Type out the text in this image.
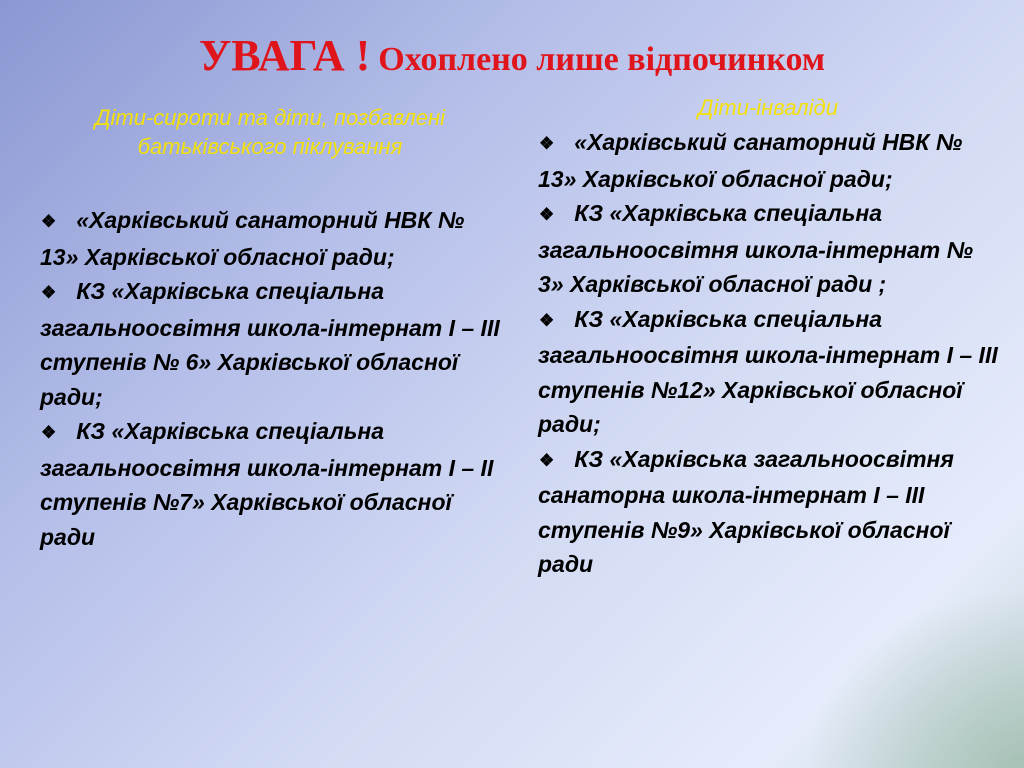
УВАГА ! Охоплено лише відпочинком

Діти-сироти та діти, позбавлені батьківського піклування

❖ «Харківський санаторний НВК № 13» Харківської обласної ради;
❖ КЗ «Харківська спеціальна загальноосвітня школа-інтернат І – ІІІ ступенів № 6» Харківської обласної ради;
❖ КЗ «Харківська спеціальна загальноосвітня школа-інтернат І – ІІ ступенів №7» Харківської обласної ради

Діти-інваліди

❖ «Харківський санаторний НВК № 13» Харківської обласної ради;
❖ КЗ «Харківська спеціальна загальноосвітня школа-інтернат № 3» Харківської обласної ради ;
❖ КЗ «Харківська спеціальна загальноосвітня школа-інтернат І – ІІІ ступенів №12» Харківської обласної ради;
❖ КЗ «Харківська загальноосвітня санаторна школа-інтернат І – ІІІ ступенів №9» Харківської обласної ради
